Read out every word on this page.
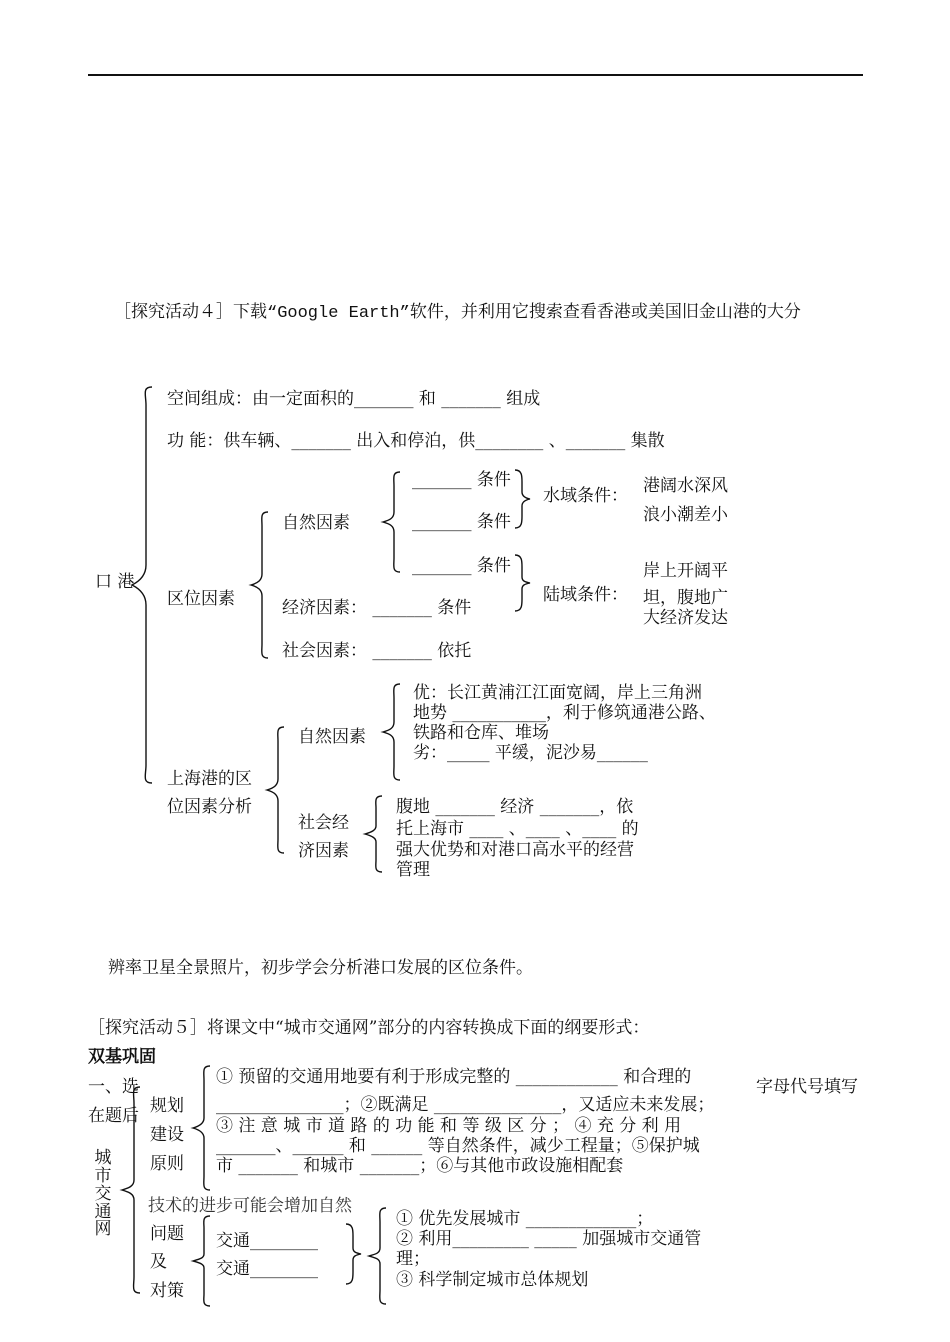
［探究活动４］下载“Google Earth”软件，并利用它搜索查看香港或美国旧金山港的大分
口 港
空间组成：由一定面积的_______ 和 _______ 组成
功 能：供车辆、_______ 出入和停泊，供________ 、_______ 集散
区位因素
自然因素
_______ 条件
_______ 条件
_______ 条件
水域条件： 港阔水深风
浪小潮差小
陆域条件：
岸上开阔平
坦，腹地广
大经济发达
经济因素： _______ 条件
社会因素： _______ 依托
上海港的区
位因素分析
自然因素
优：长江黄浦江江面宽阔，岸上三角洲
地势 ___________，利于修筑通港公路、
铁路和仓库、堆场
劣：_____ 平缓，泥沙易______
社会经
济因素
腹地 _______ 经济 _______，依
托上海市 ____ 、____ 、____ 的
强大优势和对港口高水平的经营
管理
辨率卫星全景照片，初步学会分析港口发展的区位条件。
［探究活动５］将课文中“城市交通网”部分的内容转换成下面的纲要形式：
双基巩固
一、选	字母代号填写
在题后
技术的进步可能会增加自然
城市交通网
规划
建设
原则
① 预留的交通用地要有利于形成完整的 ____________ 和合理的
_______________；②既满足 _______________，又适应未来发展；
③ 注 意 城 市 道 路 的 功 能 和 等 级 区 分 ； ④ 充 分 利 用
_______、______ 和 ______ 等自然条件，减少工程量；⑤保护城
市 _______ 和城市 _______；⑥与其他市政设施相配套
问题
及
对策
交通________
交通________
① 优先发展城市 _____________；
② 利用_________ _____ 加强城市交通管
理；
③ 科学制定城市总体规划
